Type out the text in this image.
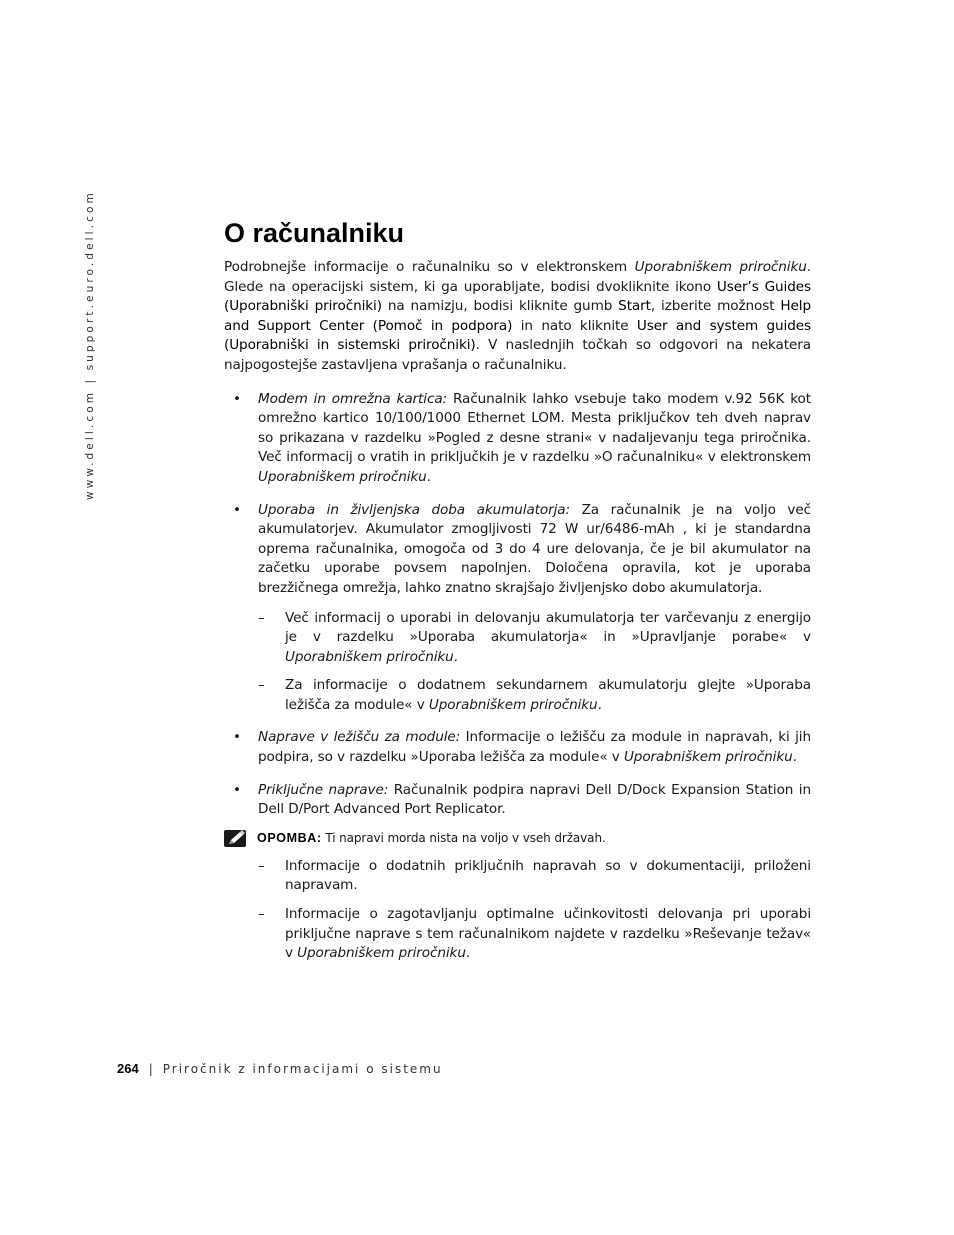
www.dell.com | support.euro.dell.com	O računalniku

Podrobnejše informacije o računalniku so v elektronskem Uporabniškem priročniku. Glede na operacijski sistem, ki ga uporabljate, bodisi dvokliknite ikono User’s Guides (Uporabniški priročniki) na namizju, bodisi kliknite gumb Start, izberite možnost Help and Support Center (Pomoč in podpora) in nato kliknite User and system guides (Uporabniški in sistemski priročniki). V naslednjih točkah so odgovori na nekatera najpogostejše zastavljena vprašanja o računalniku.

• Modem in omrežna kartica: Računalnik lahko vsebuje tako modem v.92 56K kot omrežno kartico 10/100/1000 Ethernet LOM. Mesta priključkov teh dveh naprav so prikazana v razdelku »Pogled z desne strani« v nadaljevanju tega priročnika. Več informacij o vratih in priključkih je v razdelku »O računalniku« v elektronskem Uporabniškem priročniku.
• Uporaba in življenjska doba akumulatorja: Za računalnik je na voljo več akumulatorjev. Akumulator zmogljivosti 72 W ur/6486-mAh , ki je standardna oprema računalnika, omogoča od 3 do 4 ure delovanja, če je bil akumulator na začetku uporabe povsem napolnjen. Določena opravila, kot je uporaba brezžičnega omrežja, lahko znatno skrajšajo življenjsko dobo akumulatorja.
– Več informacij o uporabi in delovanju akumulatorja ter varčevanju z energijo je v razdelku »Uporaba akumulatorja« in »Upravljanje porabe« v Uporabniškem priročniku.
– Za informacije o dodatnem sekundarnem akumulatorju glejte »Uporaba ležišča za module« v Uporabniškem priročniku.
• Naprave v ležišču za module: Informacije o ležišču za module in napravah, ki jih podpira, so v razdelku »Uporaba ležišča za module« v Uporabniškem priročniku.
• Priključne naprave: Računalnik podpira napravi Dell D/Dock Expansion Station in Dell D/Port Advanced Port Replicator.
OPOMBA: Ti napravi morda nista na voljo v vseh državah.
– Informacije o dodatnih priključnih napravah so v dokumentaciji, priloženi napravam.
– Informacije o zagotavljanju optimalne učinkovitosti delovanja pri uporabi priključne naprave s tem računalnikom najdete v razdelku »Reševanje težav« v Uporabniškem priročniku.
264 | Priročnik z informacijami o sistemu
